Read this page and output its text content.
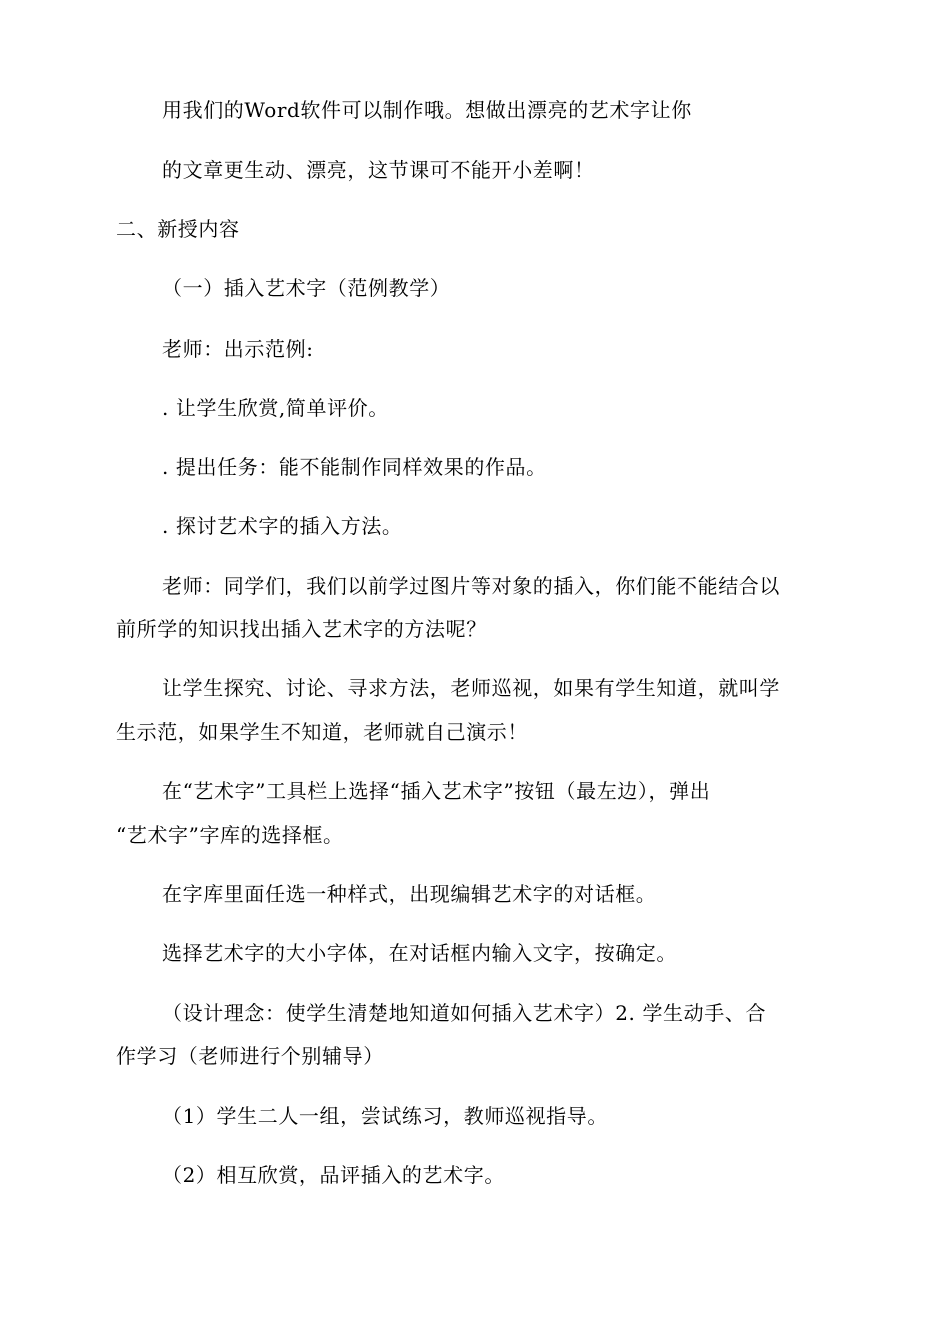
用我们的Word软件可以制作哦。想做出漂亮的艺术字让你
的文章更生动、漂亮，这节课可不能开小差啊！
二、新授内容
（一）插入艺术字（范例教学）
老师：出示范例:
. 让学生欣赏,简单评价。
. 提出任务：能不能制作同样效果的作品。
. 探讨艺术字的插入方法。
老师：同学们，我们以前学过图片等对象的插入，你们能不能结合以
前所学的知识找出插入艺术字的方法呢？
让学生探究、讨论、寻求方法，老师巡视，如果有学生知道，就叫学
生示范，如果学生不知道，老师就自己演示！
在“艺术字”工具栏上选择“插入艺术字”按钮（最左边），弹出
“艺术字”字库的选择框。
在字库里面任选一种样式，出现编辑艺术字的对话框。
选择艺术字的大小字体，在对话框内输入文字，按确定。
（设计理念：使学生清楚地知道如何插入艺术字）2. 学生动手、合
作学习（老师进行个别辅导）
（1）学生二人一组，尝试练习，教师巡视指导。
（2）相互欣赏，品评插入的艺术字。
